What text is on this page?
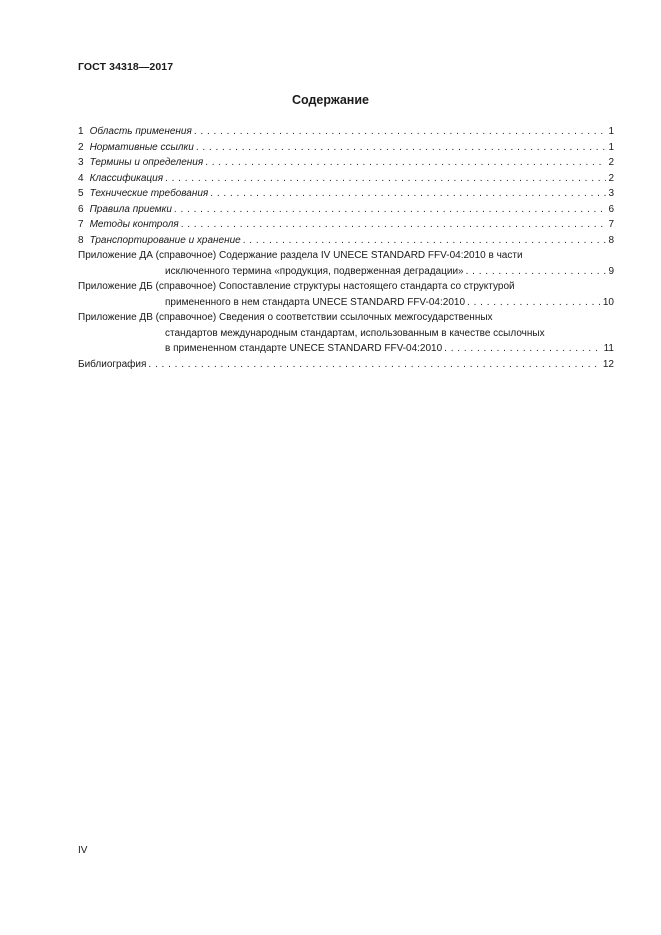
ГОСТ 34318—2017
Содержание
1 Область применения . . .	1
2 Нормативные ссылки . . .	1
3 Термины и определения . . .	2
4 Классификация . . .	2
5 Технические требования . . .	3
6 Правила приемки . . .	6
7 Методы контроля . . .	7
8 Транспортирование и хранение . . .	8
Приложение ДА (справочное) Содержание раздела IV UNECE STANDARD FFV-04:2010 в части
исключенного термина «продукция, подверженная деградации» . . .	9
Приложение ДБ (справочное) Сопоставление структуры настоящего стандарта со структурой
примененного в нем стандарта UNECE STANDARD FFV-04:2010 . . .	10
Приложение ДВ (справочное) Сведения о соответствии ссылочных межгосударственных
стандартов международным стандартам, использованным в качестве ссылочных
в примененном стандарте UNECE STANDARD FFV-04:2010 . . .	11
Библиография . . .	12
IV
